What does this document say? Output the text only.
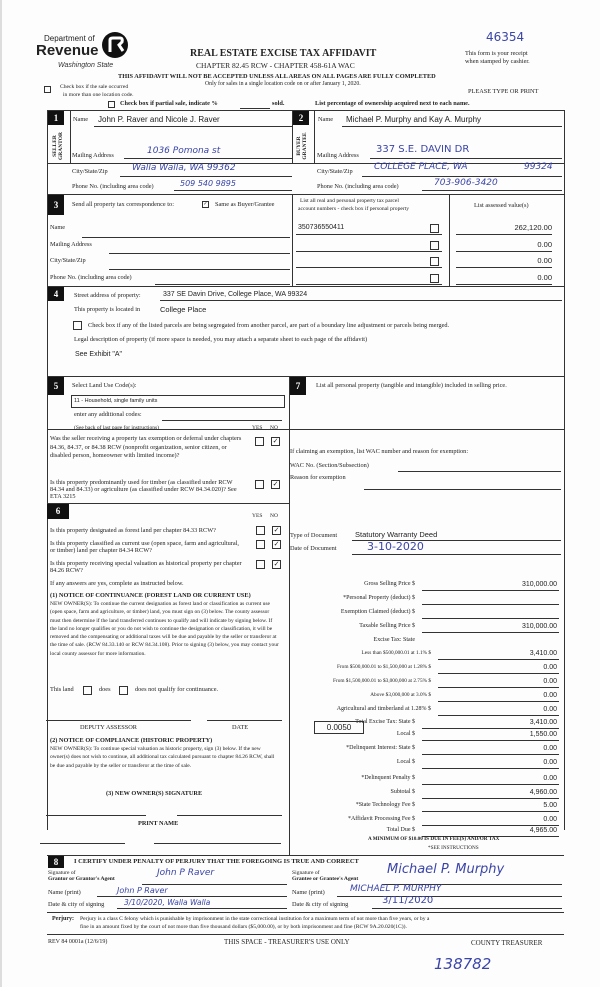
Department of
Revenue
Washington State
REAL ESTATE EXCISE TAX AFFIDAVIT
CHAPTER 82.45 RCW - CHAPTER 458-61A WAC
THIS AFFIDAVIT WILL NOT BE ACCEPTED UNLESS ALL AREAS ON ALL PAGES ARE FULLY COMPLETED
Only for sales in a single location code on or after January 1, 2020.
46354
This form is your receipt
when stamped by cashier.
Check box if the sale occurred
in more than one location code.	PLEASE TYPE OR PRINT
Check box if partial sale, indicate %	sold.	List percentage of ownership acquired next to each name.
1	2
SELLER GRANTOR	BUYER GRANTEE
Name John P. Raver and Nicole J. Raver
Mailing Address	1036 Pomona st
City/State/Zip	Walla Walla, WA 99362
Phone No. (including area code)	509 540 9895
Name Michael P. Murphy and Kay A. Murphy
Mailing Address
337 S.E. DAVIN DR
City/State/Zip COLLEGE PLACE, WA	99324
Phone No. (including area code)	703-906-3420
3	Send all property tax correspondence to:	✓ Same as Buyer/Grantee
Name
Mailing Address
City/State/Zip
Phone No. (including area code)
List all real and personal property tax parcel
account numbers - check box if personal property	List assessed value(s)
350736550411	262,120.00
0.00
0.00
0.00
4	Street address of property:	337 SE Davin Drive, College Place, WA 99324
This property is located in	College Place
Check box if any of the listed parcels are being segregated from another parcel, are part of a boundary line adjustment or parcels being merged.
Legal description of property (if more space is needed, you may attach a separate sheet to each page of the affidavit)
See Exhibit "A"
5	Select Land Use Code(s):
11 - Household, single family units
enter any additional codes:
(See back of last page for instructions)	YES NO
Was the seller receiving a property tax exemption or deferral under chapters 84.36, 84.37, or 84.38 RCW (nonprofit organization, senior citizen, or disabled person, homeowner with limited income)?
✓
Is this property predominantly used for timber (as classified under RCW 84.34 and 84.33) or agriculture (as classified under RCW 84.34.020)? See ETA 3215
✓
6	YES NO
Is this property designated as forest land per chapter 84.33 RCW?	✓
Is this property classified as current use (open space, farm and agricultural, or timber) land per chapter 84.34 RCW?
✓
Is this property receiving special valuation as historical property per chapter 84.26 RCW?
✓
If any answers are yes, complete as instructed below.
(1) NOTICE OF CONTINUANCE (FOREST LAND OR CURRENT USE)
NEW OWNER(S): To continue the current designation as forest land or classification as current use (open space, farm and agriculture, or timber) land, you must sign on (3) below. The county assessor must then determine if the land transferred continues to qualify and will indicate by signing below. If the land no longer qualifies or you do not wish to continue the designation or classification, it will be removed and the compensating or additional taxes will be due and payable by the seller or transferor at the time of sale. (RCW 84.33.140 or RCW 84.34.108). Prior to signing (3) below, you may contact your local county assessor for more information.
This land	does	does not qualify for continuance.
DEPUTY ASSESSOR	DATE
(2) NOTICE OF COMPLIANCE (HISTORIC PROPERTY)
NEW OWNER(S): To continue special valuation as historic property, sign (3) below. If the new owner(s) does not wish to continue, all additional tax calculated pursuant to chapter 84.26 RCW, shall be due and payable by the seller or transferor at the time of sale.
(3) NEW OWNER(S) SIGNATURE
PRINT NAME
7	List all personal property (tangible and intangible) included in selling price.
If claiming an exemption, list WAC number and reason for exemption:
WAC No. (Section/Subsection)
Reason for exemption
Type of Document Statutory Warranty Deed
Date of Document	3-10-2020
Gross Selling Price $	310,000.00
*Personal Property (deduct) $
Exemption Claimed (deduct) $
Taxable Selling Price $	310,000.00
Excise Tax: State
Less than $500,000.01 at 1.1% $	3,410.00
From $500,000.01 to $1,500,000 at 1.28% $	0.00
From $1,500,000.01 to $3,000,000 at 2.75% $	0.00
Above $3,000,000 at 3.0% $	0.00
Agricultural and timberland at 1.28% $	0.00
Total Excise Tax: State $	3,410.00
Local $	1,550.00
*Delinquent Interest: State $	0.00
Local $	0.00
*Delinquent Penalty $	0.00
Subtotal $	4,960.00
*State Technology Fee $	5.00
*Affidavit Processing Fee $	0.00
Total Due $	4,965.00
0.0050
A MINIMUM OF $10.00 IS DUE IN FEE(S) AND/OR TAX
*SEE INSTRUCTIONS
8	I CERTIFY UNDER PENALTY OF PERJURY THAT THE FOREGOING IS TRUE AND CORRECT
Signature of
Grantor or Grantor's Agent
John P Raver
Name (print)	John P Raver
Date & city of signing	3/10/2020, Walla Walla
Signature of
Grantee or Grantee's Agent
Michael P. Murphy
Name (print)	MICHAEL P. MURPHY
Date & city of signing	3/11/2020
Perjury: Perjury is a class C felony which is punishable by imprisonment in the state correctional institution for a maximum term of not more than five years, or by a
fine in an amount fixed by the court of not more than five thousand dollars ($5,000.00), or by both imprisonment and fine (RCW 9A.20.020(1C)).
REV 84 0001a (12/6/19)	THIS SPACE - TREASURER'S USE ONLY	COUNTY TREASURER
138782
